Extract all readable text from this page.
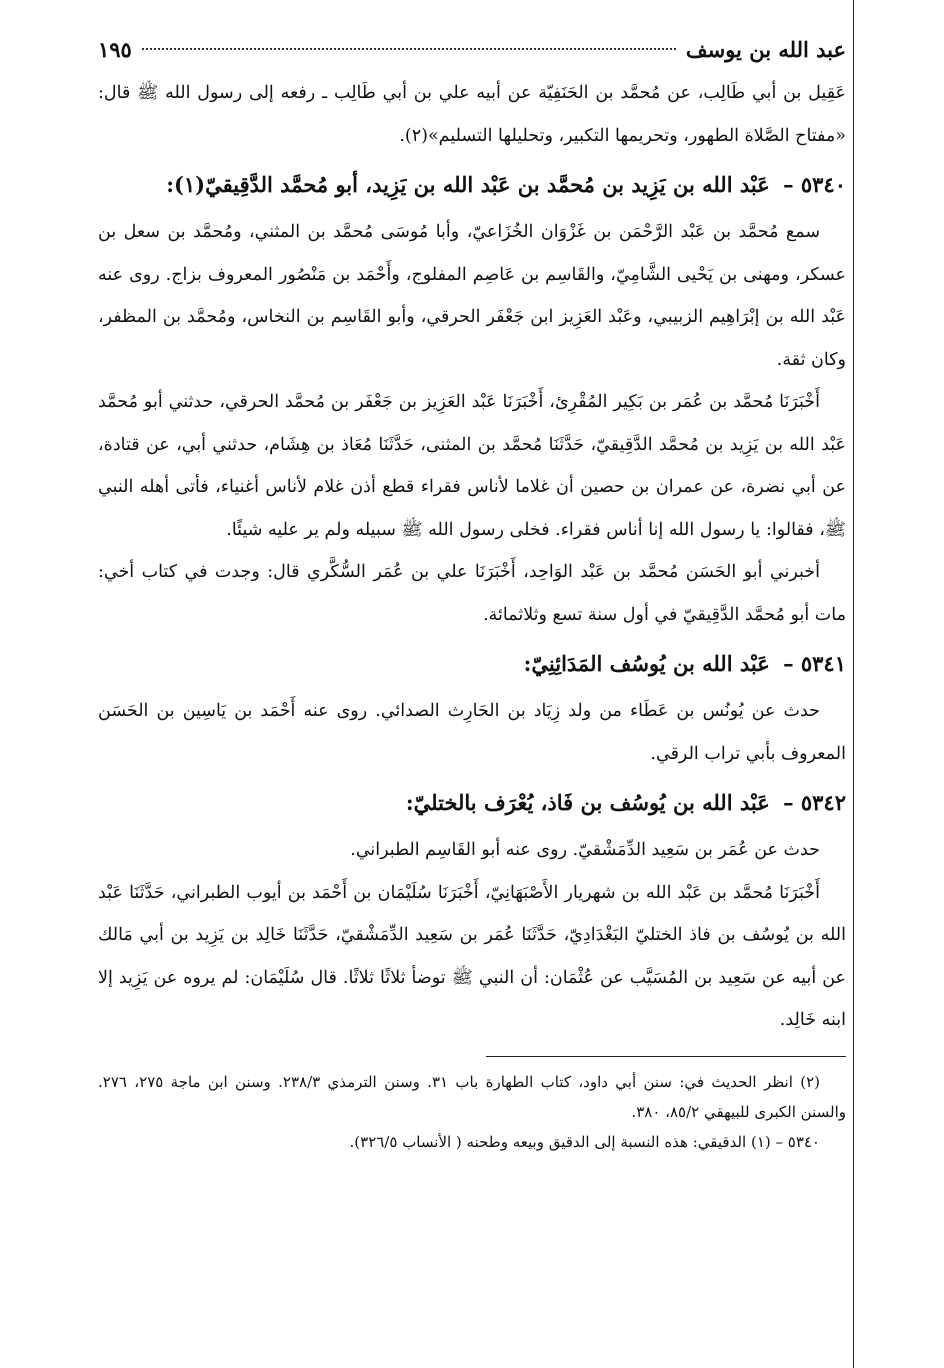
عبد الله بن يوسف
١٩٥

عَقِيل بن أبي طَالِب، عن مُحمَّد بن الحَنَفِيّة عن أبيه علي بن أبي طَالِب ـ رفعه إلى رسول الله ﷺ قال: «مفتاح الصَّلاة الطهور، وتحريمها التكبير، وتحليلها التسليم»(٢).

٥٣٤٠ – عَبْد الله بن يَزِيد بن مُحمَّد بن عَبْد الله بن يَزِيد، أبو مُحمَّد الدَّقِيقيّ(١):

سمع مُحمَّد بن عَبْد الرَّحْمَن بن غَزْوَان الخُزَاعيّ، وأبا مُوسَى مُحمَّد بن المثني، ومُحمَّد بن سعل بن عسكر، ومهنى بن يَحْيى الشَّامِيّ، والقَاسِم بن عَاصِم المفلوج، وأَحْمَد بن مَنْصُور المعروف بزاج. روى عنه عَبْد الله بن إبْرَاهِيم الزبيبي، وعَبْد العَزِيز ابن جَعْفَر الحرقي، وأبو القَاسِم بن النخاس، ومُحمَّد بن المظفر، وكان ثقة.

أَخْبَرَنَا مُحمَّد بن عُمَر بن بَكِير المُقْرِئ، أَخْبَرَنَا عَبْد العَزِيز بن جَعْفَر بن مُحمَّد الحرقي، حدثني أبو مُحمَّد عَبْد الله بن يَزِيد بن مُحمَّد الدَّقِيقيّ، حَدَّثَنَا مُحمَّد بن المثنى، حَدَّثَنَا مُعَاذ بن هِشَام، حدثني أبي، عن قتادة، عن أبي نضرة، عن عمران بن حصين أن غلاما لأناس فقراء قطع أذن غلام لأناس أغنياء، فأتى أهله النبي ﷺ، فقالوا: يا رسول الله إنا أناس فقراء. فخلى رسول الله ﷺ سبيله ولم ير عليه شيئًا.

أخبرني أبو الحَسَن مُحمَّد بن عَبْد الوَاحِد، أَخْبَرَنَا علي بن عُمَر السُّكَّري قال: وجدت في كتاب أخي: مات أبو مُحمَّد الدَّقِيقيّ في أول سنة تسع وثلاثمائة.

٥٣٤١ – عَبْد الله بن يُوسُف المَدَائِنِيّ:

حدث عن يُونُس بن عَطَاء من ولد زِيَاد بن الحَارِث الصدائي. روى عنه أَحْمَد بن يَاسِين بن الحَسَن المعروف بأبي تراب الرقي.

٥٣٤٢ – عَبْد الله بن يُوسُف بن فَاذ، يُعْرَف بالختليّ:

حدث عن عُمَر بن سَعِيد الدِّمَشْقيّ. روى عنه أبو القَاسِم الطبراني.

أَخْبَرَنَا مُحمَّد بن عَبْد الله بن شهريار الأَصْبَهَانِيّ، أَخْبَرَنَا سُلَيْمَان بن أَحْمَد بن أيوب الطبراني، حَدَّثَنَا عَبْد الله بن يُوسُف بن فاذ الختليّ البَغْدَادِيّ، حَدَّثَنَا عُمَر بن سَعِيد الدِّمَشْقيّ، حَدَّثَنَا خَالِد بن يَزِيد بن أبي مَالك عن أبيه عن سَعِيد بن المُسَيَّب عن عُثْمَان: أن النبي ﷺ توضأ ثلاثًا ثلاثًا. قال سُلَيْمَان: لم يروه عن يَزِيد إلا ابنه خَالِد.

(٢) انظر الحديث في: سنن أبي داود، كتاب الطهارة باب ٣١. وسنن الترمذي ٢٣٨/٣. وسنن ابن ماجة ٢٧٥، ٢٧٦. والسنن الكبرى للبيهقي ٨٥/٢، ٣٨٠.

٥٣٤٠ – (١) الدقيقي: هذه النسبة إلى الدقيق وبيعه وطحنه ( الأنساب ٣٢٦/٥).
